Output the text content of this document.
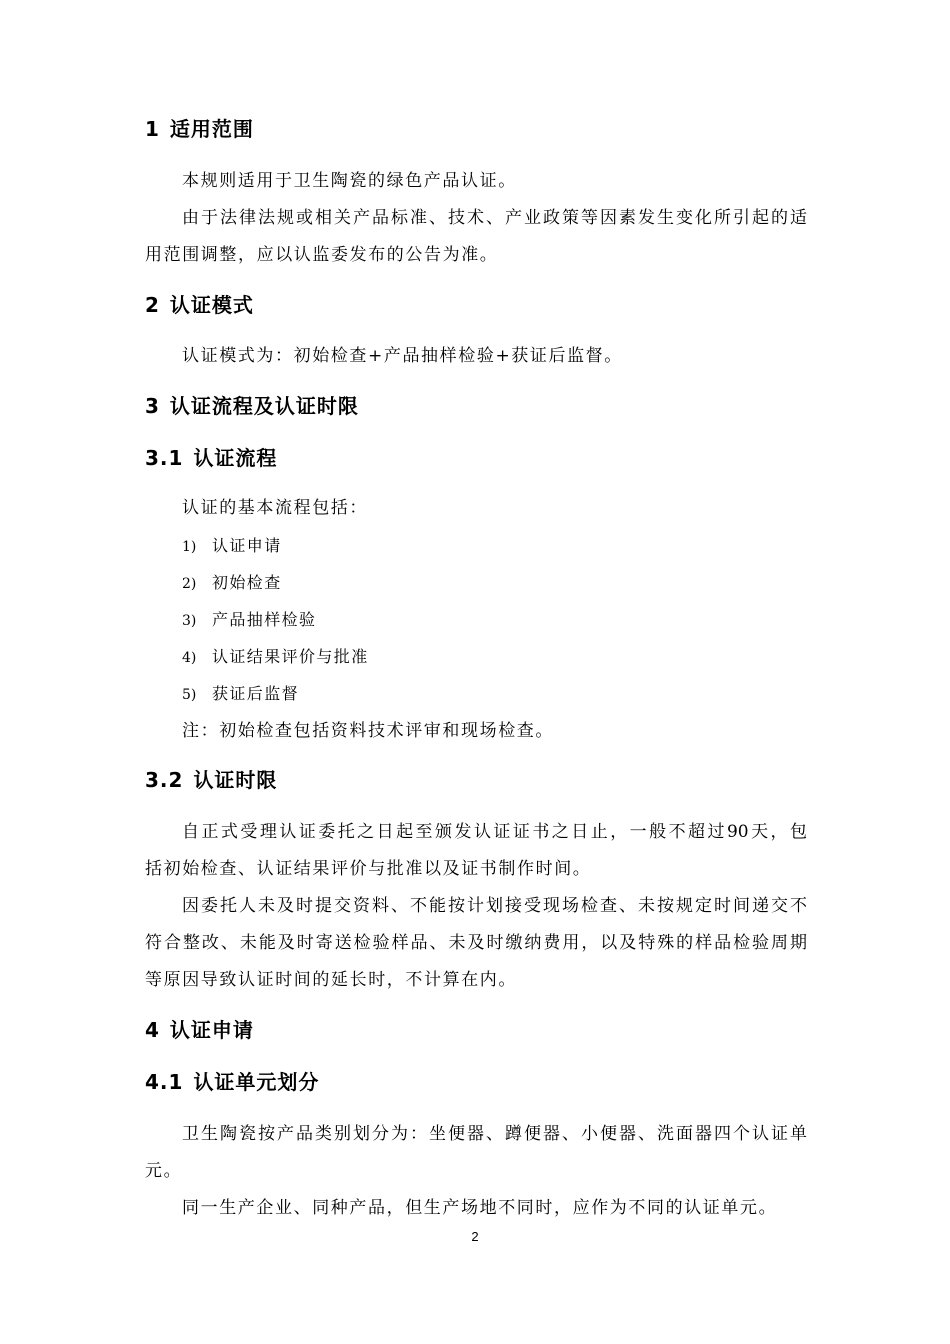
1 适用范围
本规则适用于卫生陶瓷的绿色产品认证。
由于法律法规或相关产品标准、技术、产业政策等因素发生变化所引起的适
用范围调整，应以认监委发布的公告为准。
2 认证模式
认证模式为：初始检查+产品抽样检验+获证后监督。
3 认证流程及认证时限
3.1 认证流程
认证的基本流程包括：
1) 认证申请
2) 初始检查
3) 产品抽样检验
4) 认证结果评价与批准
5) 获证后监督
注：初始检查包括资料技术评审和现场检查。
3.2 认证时限
自正式受理认证委托之日起至颁发认证证书之日止，一般不超过90天，包
括初始检查、认证结果评价与批准以及证书制作时间。
因委托人未及时提交资料、不能按计划接受现场检查、未按规定时间递交不
符合整改、未能及时寄送检验样品、未及时缴纳费用，以及特殊的样品检验周期
等原因导致认证时间的延长时，不计算在内。
4 认证申请
4.1 认证单元划分
卫生陶瓷按产品类别划分为：坐便器、蹲便器、小便器、洗面器四个认证单
元。
同一生产企业、同种产品，但生产场地不同时，应作为不同的认证单元。
2
